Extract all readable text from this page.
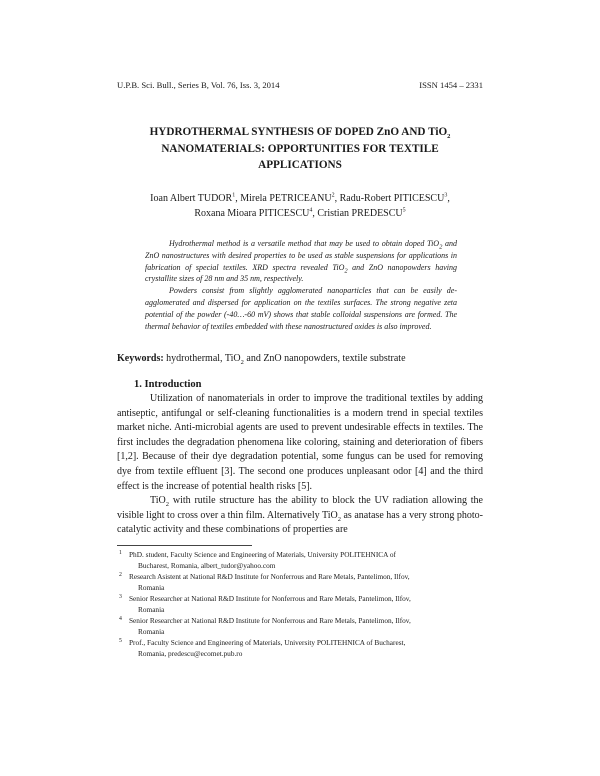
U.P.B. Sci. Bull., Series B, Vol. 76, Iss. 3, 2014	ISSN 1454 – 2331
HYDROTHERMAL SYNTHESIS OF DOPED ZnO AND TiO$_2$
NANOMATERIALS: OPPORTUNITIES FOR TEXTILE
APPLICATIONS
Ioan Albert TUDOR$^1$, Mirela PETRICEANU$^2$, Radu-Robert PITICESCU$^3$,
Roxana Mioara PITICESCU$^4$, Cristian PREDESCU$^5$

Hydrothermal method is a versatile method that may be used to obtain doped TiO$_2$ and ZnO nanostructures with desired properties to be used as stable suspensions for applications in fabrication of special textiles. XRD spectra revealed TiO$_2$ and ZnO nanopowders having crystallite sizes of 28 nm and 35 nm, respectively.

Powders consist from slightly agglomerated nanoparticles that can be easily de-agglomerated and dispersed for application on the textiles surfaces. The strong negative zeta potential of the powder (-40…-60 mV) shows that stable colloidal suspensions are formed. The thermal behavior of textiles embedded with these nanostructured oxides is also improved.

Keywords: hydrothermal, TiO$_2$ and ZnO nanopowders, textile substrate
1. Introduction

Utilization of nanomaterials in order to improve the traditional textiles by adding antiseptic, antifungal or self-cleaning functionalities is a modern trend in special textiles market niche. Anti-microbial agents are used to prevent undesirable effects in textiles. The first includes the degradation phenomena like coloring, staining and deterioration of fibers [1,2]. Because of their dye degradation potential, some fungus can be used for removing dye from textile effluent [3]. The second one produces unpleasant odor [4] and the third effect is the increase of potential health risks [5].

TiO$_2$ with rutile structure has the ability to block the UV radiation allowing the visible light to cross over a thin film. Alternatively TiO$_2$ as anatase has a very strong photo-catalytic activity and these combinations of properties are

1 PhD. student, Faculty Science and Engineering of Materials, University POLITEHNICA of
Bucharest, Romania, albert_tudor@yahoo.com
2 Research Asistent at National R&D Institute for Nonferrous and Rare Metals, Pantelimon, Ilfov,
Romania
3 Senior Researcher at National R&D Institute for Nonferrous and Rare Metals, Pantelimon, Ilfov,
Romania
4 Senior Researcher at National R&D Institute for Nonferrous and Rare Metals, Pantelimon, Ilfov,
Romania
5 Prof., Faculty Science and Engineering of Materials, University POLITEHNICA of Bucharest,
Romania, predescu@ecomet.pub.ro
